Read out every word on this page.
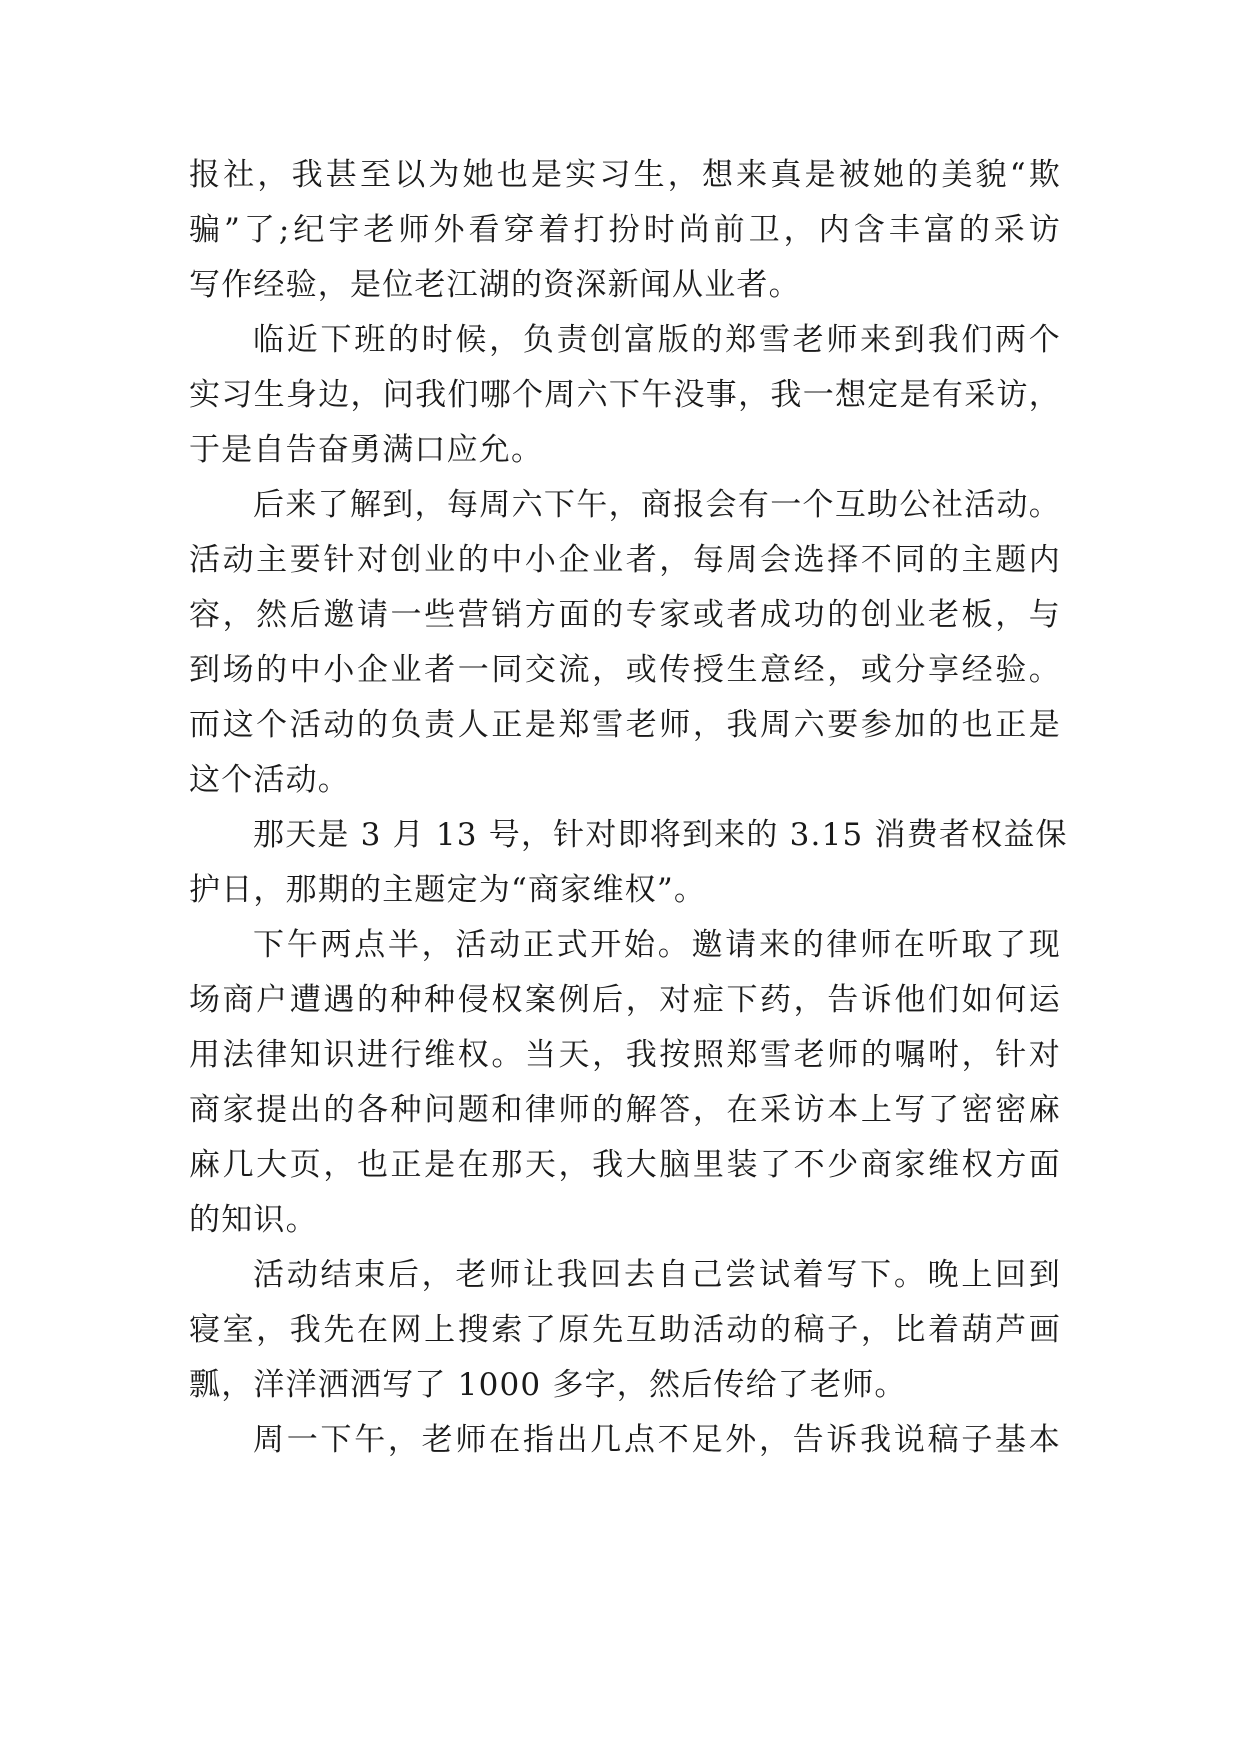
报社，我甚至以为她也是实习生，想来真是被她的美貌“欺
骗”了;纪宇老师外看穿着打扮时尚前卫，内含丰富的采访
写作经验，是位老江湖的资深新闻从业者。
临近下班的时候，负责创富版的郑雪老师来到我们两个
实习生身边，问我们哪个周六下午没事，我一想定是有采访，
于是自告奋勇满口应允。
后来了解到，每周六下午，商报会有一个互助公社活动。
活动主要针对创业的中小企业者，每周会选择不同的主题内
容，然后邀请一些营销方面的专家或者成功的创业老板，与
到场的中小企业者一同交流，或传授生意经，或分享经验。
而这个活动的负责人正是郑雪老师，我周六要参加的也正是
这个活动。
那天是 3 月 13 号，针对即将到来的 3.15 消费者权益保
护日，那期的主题定为“商家维权”。
下午两点半，活动正式开始。邀请来的律师在听取了现
场商户遭遇的种种侵权案例后，对症下药，告诉他们如何运
用法律知识进行维权。当天，我按照郑雪老师的嘱咐，针对
商家提出的各种问题和律师的解答，在采访本上写了密密麻
麻几大页，也正是在那天，我大脑里装了不少商家维权方面
的知识。
活动结束后，老师让我回去自己尝试着写下。晚上回到
寝室，我先在网上搜索了原先互助活动的稿子，比着葫芦画
瓢，洋洋洒洒写了 1000 多字，然后传给了老师。
周一下午，老师在指出几点不足外，告诉我说稿子基本
